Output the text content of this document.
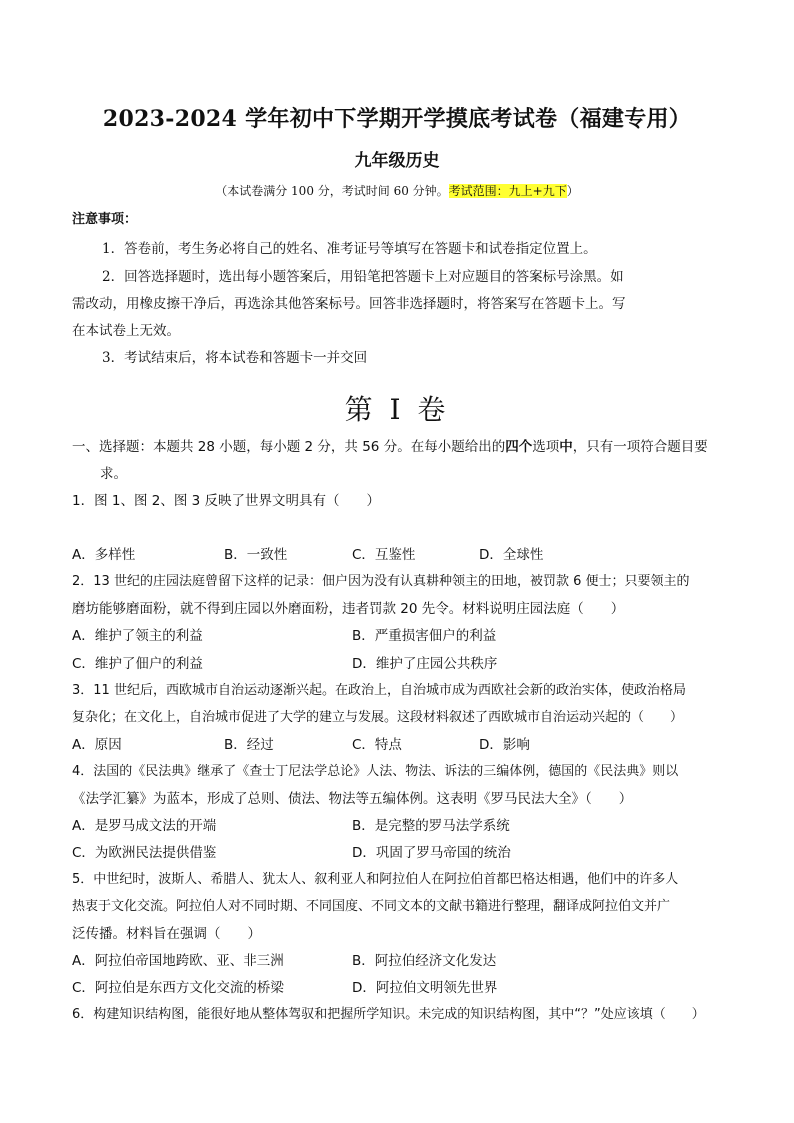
2023-2024 学年初中下学期开学摸底考试卷（福建专用）
九年级历史
（本试卷满分 100 分，考试时间 60 分钟。考试范围：九上+九下）
注意事项：
1．答卷前，考生务必将自己的姓名、准考证号等填写在答题卡和试卷指定位置上。
2．回答选择题时，选出每小题答案后，用铅笔把答题卡上对应题目的答案标号涂黑。如
需改动，用橡皮擦干净后，再选涂其他答案标号。回答非选择题时，将答案写在答题卡上。写
在本试卷上无效。
3．考试结束后，将本试卷和答题卡一并交回
第 I 卷
一、选择题：本题共 28 小题，每小题 2 分，共 56 分。在每小题给出的四个选项中，只有一项符合题目要
求。
1．图 1、图 2、图 3 反映了世界文明具有（　　）
A．多样性	B．一致性	C．互鉴性	D．全球性
2．13 世纪的庄园法庭曾留下这样的记录：佃户因为没有认真耕种领主的田地，被罚款 6 便士；只要领主的
磨坊能够磨面粉，就不得到庄园以外磨面粉，违者罚款 20 先令。材料说明庄园法庭（　　）
A．维护了领主的利益	B．严重损害佃户的利益
C．维护了佃户的利益	D．维护了庄园公共秩序
3．11 世纪后，西欧城市自治运动逐渐兴起。在政治上，自治城市成为西欧社会新的政治实体，使政治格局
复杂化；在文化上，自治城市促进了大学的建立与发展。这段材料叙述了西欧城市自治运动兴起的（　　）
A．原因	B．经过	C．特点	D．影响
4．法国的《民法典》继承了《查士丁尼法学总论》人法、物法、诉法的三编体例，德国的《民法典》则以
《法学汇纂》为蓝本，形成了总则、债法、物法等五编体例。这表明《罗马民法大全》（　　）
A．是罗马成文法的开端	B．是完整的罗马法学系统
C．为欧洲民法提供借鉴	D．巩固了罗马帝国的统治
5．中世纪时，波斯人、希腊人、犹太人、叙利亚人和阿拉伯人在阿拉伯首都巴格达相遇，他们中的许多人
热衷于文化交流。阿拉伯人对不同时期、不同国度、不同文本的文献书籍进行整理，翻译成阿拉伯文并广
泛传播。材料旨在强调（　　）
A．阿拉伯帝国地跨欧、亚、非三洲	B．阿拉伯经济文化发达
C．阿拉伯是东西方文化交流的桥梁	D．阿拉伯文明领先世界
6．构建知识结构图，能很好地从整体驾驭和把握所学知识。未完成的知识结构图，其中“？”处应该填（　　）
